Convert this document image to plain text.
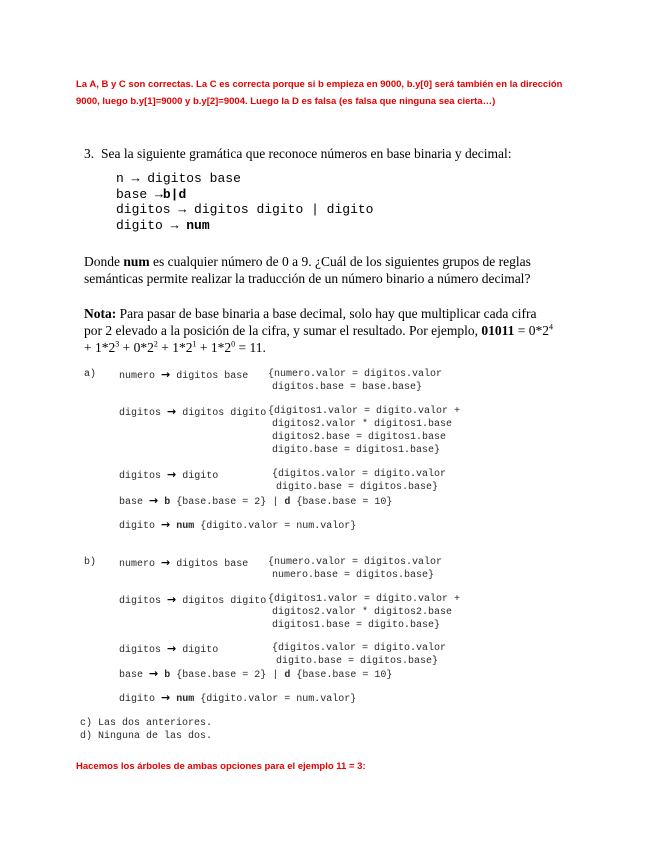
La A, B y C son correctas. La C es correcta porque si b empieza en 9000, b.y[0] será también en la dirección 9000, luego b.y[1]=9000 y b.y[2]=9004. Luego la D es falsa (es falsa que ninguna sea cierta…)
3. Sea la siguiente gramática que reconoce números en base binaria y decimal:
n → digitos base
base →b|d
digitos → digitos digito | digito
digito → num
Donde num es cualquier número de 0 a 9. ¿Cuál de los siguientes grupos de reglas semánticas permite realizar la traducción de un número binario a número decimal?
Nota: Para pasar de base binaria a base decimal, solo hay que multiplicar cada cifra por 2 elevado a la posición de la cifra, y sumar el resultado. Por ejemplo, $01011 = 0*2^4 + 1*2^3 + 0*2^2 + 1*2^1 + 1*2^0 = 11$.
a) numero → digitos base {numero.valor = digitos.valor
digitos.base = base.base}
digitos → digitos digito {digitos1.valor = digito.valor +
digitos2.valor * digitos1.base
digitos2.base = digitos1.base
digito.base = digitos1.base}
digitos → digito	{digitos.valor = digito.valor
digito.base = digitos.base}
base → b {base.base = 2} | d {base.base = 10}
digito → num {digito.valor = num.valor}
b) numero → digitos base {numero.valor = digitos.valor
numero.base = digitos.base}
digitos → digitos digito {digitos1.valor = digito.valor +
digitos2.valor * digitos2.base
digitos1.base = digito.base}
digitos → digito	{digitos.valor = digito.valor
digito.base = digitos.base}
base → b {base.base = 2} | d {base.base = 10}
digito → num {digito.valor = num.valor}
c) Las dos anteriores.
d) Ninguna de las dos.
Hacemos los árboles de ambas opciones para el ejemplo 11 = 3:
